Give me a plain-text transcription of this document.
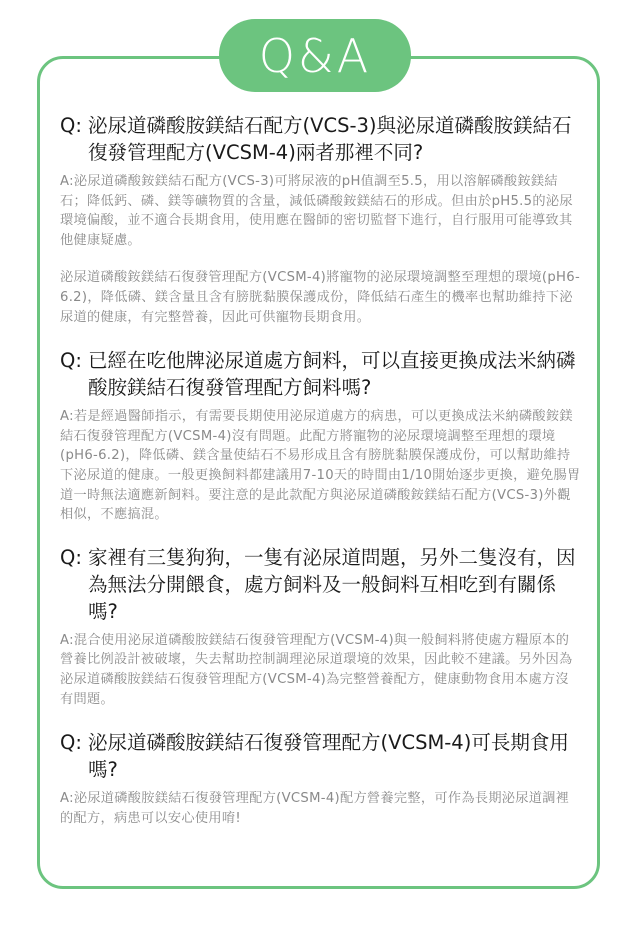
Q&A
Q: 泌尿道磷酸胺鎂結石配方(VCS-3)與泌尿道磷酸胺鎂結石復發管理配方(VCSM-4)兩者那裡不同?

A:泌尿道磷酸銨鎂結石配方(VCS-3)可將尿液的pH值調至5.5，用以溶解磷酸銨鎂結石；降低鈣、磷、鎂等礦物質的含量，減低磷酸銨鎂結石的形成。但由於pH5.5的泌尿環境偏酸，並不適合長期食用，使用應在醫師的密切監督下進行，自行服用可能導致其他健康疑慮。

泌尿道磷酸銨鎂結石復發管理配方(VCSM-4)將寵物的泌尿環境調整至理想的環境(pH6-6.2)，降低磷、鎂含量且含有膀胱黏膜保護成份，降低結石產生的機率也幫助維持下泌尿道的健康，有完整營養，因此可供寵物長期食用。

Q: 已經在吃他牌泌尿道處方飼料，可以直接更換成法米納磷酸胺鎂結石復發管理配方飼料嗎?

A:若是經過醫師指示，有需要長期使用泌尿道處方的病患，可以更換成法米納磷酸銨鎂結石復發管理配方(VCSM-4)沒有問題。此配方將寵物的泌尿環境調整至理想的環境(pH6-6.2)，降低磷、鎂含量使結石不易形成且含有膀胱黏膜保護成份，可以幫助維持下泌尿道的健康。一般更換飼料都建議用7-10天的時間由1/10開始逐步更換，避免腸胃道一時無法適應新飼料。要注意的是此款配方與泌尿道磷酸銨鎂結石配方(VCS-3)外觀相似，不應搞混。

Q: 家裡有三隻狗狗，一隻有泌尿道問題，另外二隻沒有，因為無法分開餵食，處方飼料及一般飼料互相吃到有關係嗎?

A:混合使用泌尿道磷酸胺鎂結石復發管理配方(VCSM-4)與一般飼料將使處方糧原本的營養比例設計被破壞，失去幫助控制調理泌尿道環境的效果，因此較不建議。另外因為泌尿道磷酸胺鎂結石復發管理配方(VCSM-4)為完整營養配方，健康動物食用本處方沒有問題。

Q: 泌尿道磷酸胺鎂結石復發管理配方(VCSM-4)可長期食用嗎?

A:泌尿道磷酸胺鎂結石復發管理配方(VCSM-4)配方營養完整，可作為長期泌尿道調裡的配方，病患可以安心使用唷!
